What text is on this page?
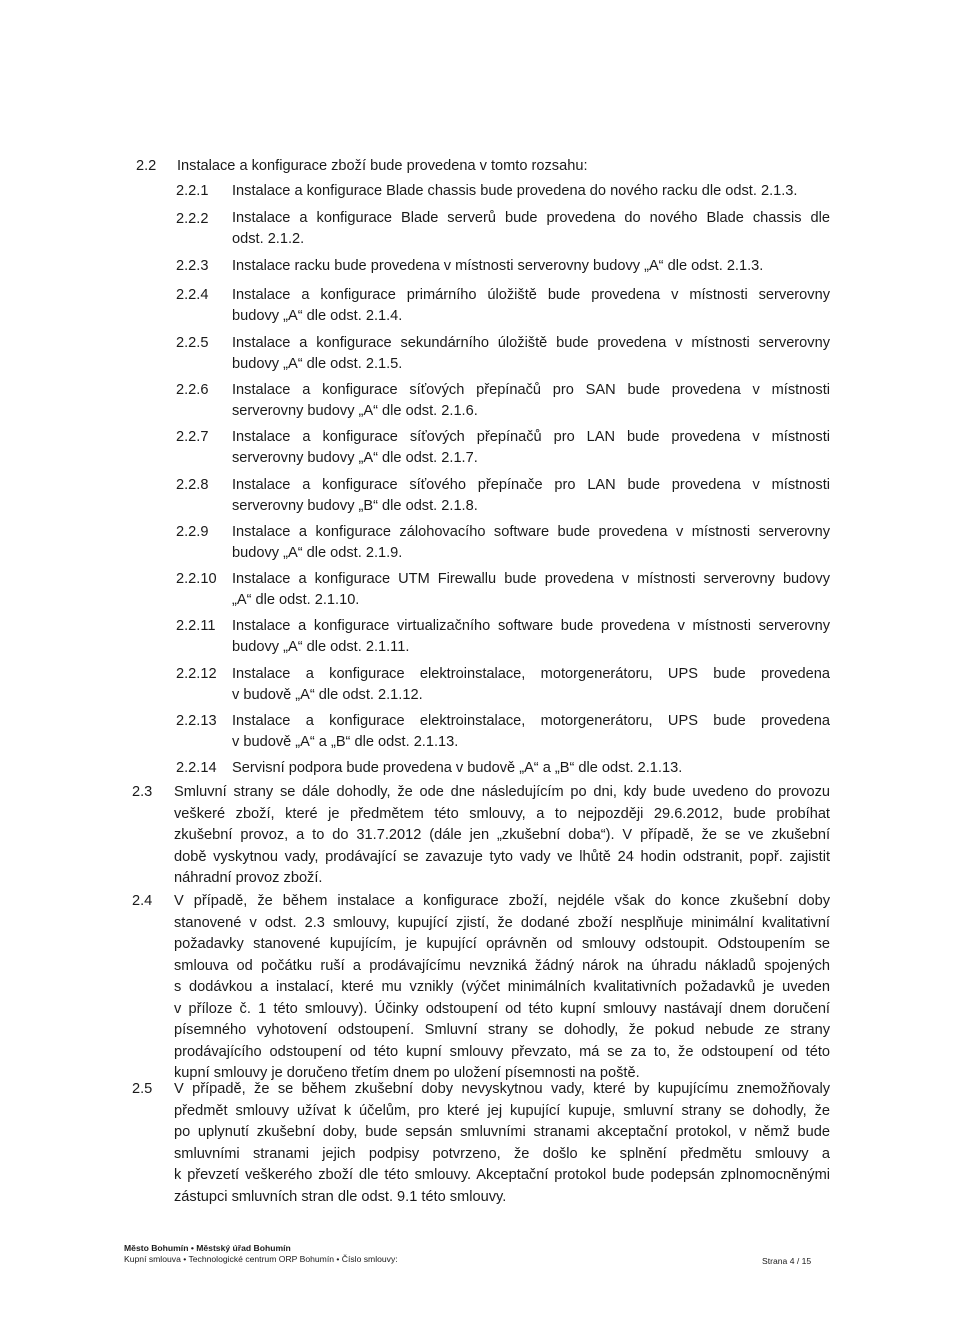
2.2 Instalace a konfigurace zboží bude provedena v tomto rozsahu:
2.2.1 Instalace a konfigurace Blade chassis bude provedena do nového racku dle odst. 2.1.3.
2.2.2 Instalace a konfigurace Blade serverů bude provedena do nového Blade chassis dle
odst. 2.1.2.
2.2.3 Instalace racku bude provedena v místnosti serverovny budovy „A“ dle odst. 2.1.3.
2.2.4 Instalace a konfigurace primárního úložiště bude provedena v místnosti serverovny
budovy „A“ dle odst. 2.1.4.
2.2.5 Instalace a konfigurace sekundárního úložiště bude provedena v místnosti serverovny
budovy „A“ dle odst. 2.1.5.
2.2.6 Instalace a konfigurace síťových přepínačů pro SAN bude provedena v místnosti
serverovny budovy „A“ dle odst. 2.1.6.
2.2.7 Instalace a konfigurace síťových přepínačů pro LAN bude provedena v místnosti
serverovny budovy „A“ dle odst. 2.1.7.
2.2.8 Instalace a konfigurace síťového přepínače pro LAN bude provedena v místnosti
serverovny budovy „B“ dle odst. 2.1.8.
2.2.9 Instalace a konfigurace zálohovacího software bude provedena v místnosti serverovny
budovy „A“ dle odst. 2.1.9.
2.2.10 Instalace a konfigurace UTM Firewallu bude provedena v místnosti serverovny budovy
„A“ dle odst. 2.1.10.
2.2.11 Instalace a konfigurace virtualizačního software bude provedena v místnosti serverovny
budovy „A“ dle odst. 2.1.11.
2.2.12 Instalace a konfigurace elektroinstalace, motorgenerátoru, UPS bude provedena
v budově „A“ dle odst. 2.1.12.
2.2.13 Instalace a konfigurace elektroinstalace, motorgenerátoru, UPS bude provedena
v budově „A“ a „B“ dle odst. 2.1.13.
2.2.14 Servisní podpora bude provedena v budově „A“ a „B“ dle odst. 2.1.13.
2.3 Smluvní strany se dále dohodly, že ode dne následujícím po dni, kdy bude uvedeno do provozu
veškeré zboží, které je předmětem této smlouvy, a to nejpozději 29.6.2012, bude probíhat
zkušební provoz, a to do 31.7.2012 (dále jen „zkušební doba“). V případě, že se ve zkušební
době vyskytnou vady, prodávající se zavazuje tyto vady ve lhůtě 24 hodin odstranit, popř. zajistit
náhradní provoz zboží.
2.4 V případě, že během instalace a konfigurace zboží, nejdéle však do konce zkušební doby
stanovené v odst. 2.3 smlouvy, kupující zjistí, že dodané zboží nesplňuje minimální kvalitativní
požadavky stanovené kupujícím, je kupující oprávněn od smlouvy odstoupit. Odstoupením se
smlouva od počátku ruší a prodávajícímu nevzniká žádný nárok na úhradu nákladů spojených
s dodávkou a instalací, které mu vznikly (výčet minimálních kvalitativních požadavků je uveden
v příloze č. 1 této smlouvy). Účinky odstoupení od této kupní smlouvy nastávají dnem doručení
písemného vyhotovení odstoupení. Smluvní strany se dohodly, že pokud nebude ze strany
prodávajícího odstoupení od této kupní smlouvy převzato, má se za to, že odstoupení od této
kupní smlouvy je doručeno třetím dnem po uložení písemnosti na poště.
2.5 V případě, že se během zkušební doby nevyskytnou vady, které by kupujícímu znemožňovaly
předmět smlouvy užívat k účelům, pro které jej kupující kupuje, smluvní strany se dohodly, že
po uplynutí zkušební doby, bude sepsán smluvními stranami akceptační protokol, v němž bude
smluvními stranami jejich podpisy potvrzeno, že došlo ke splnění předmětu smlouvy a
k převzetí veškerého zboží dle této smlouvy. Akceptační protokol bude podepsán zplnomocněnými
zástupci smluvních stran dle odst. 9.1 této smlouvy.
Město Bohumín • Městský úřad Bohumín
Kupní smlouva • Technologické centrum ORP Bohumín • Číslo smlouvy:	Strana 4 / 15
